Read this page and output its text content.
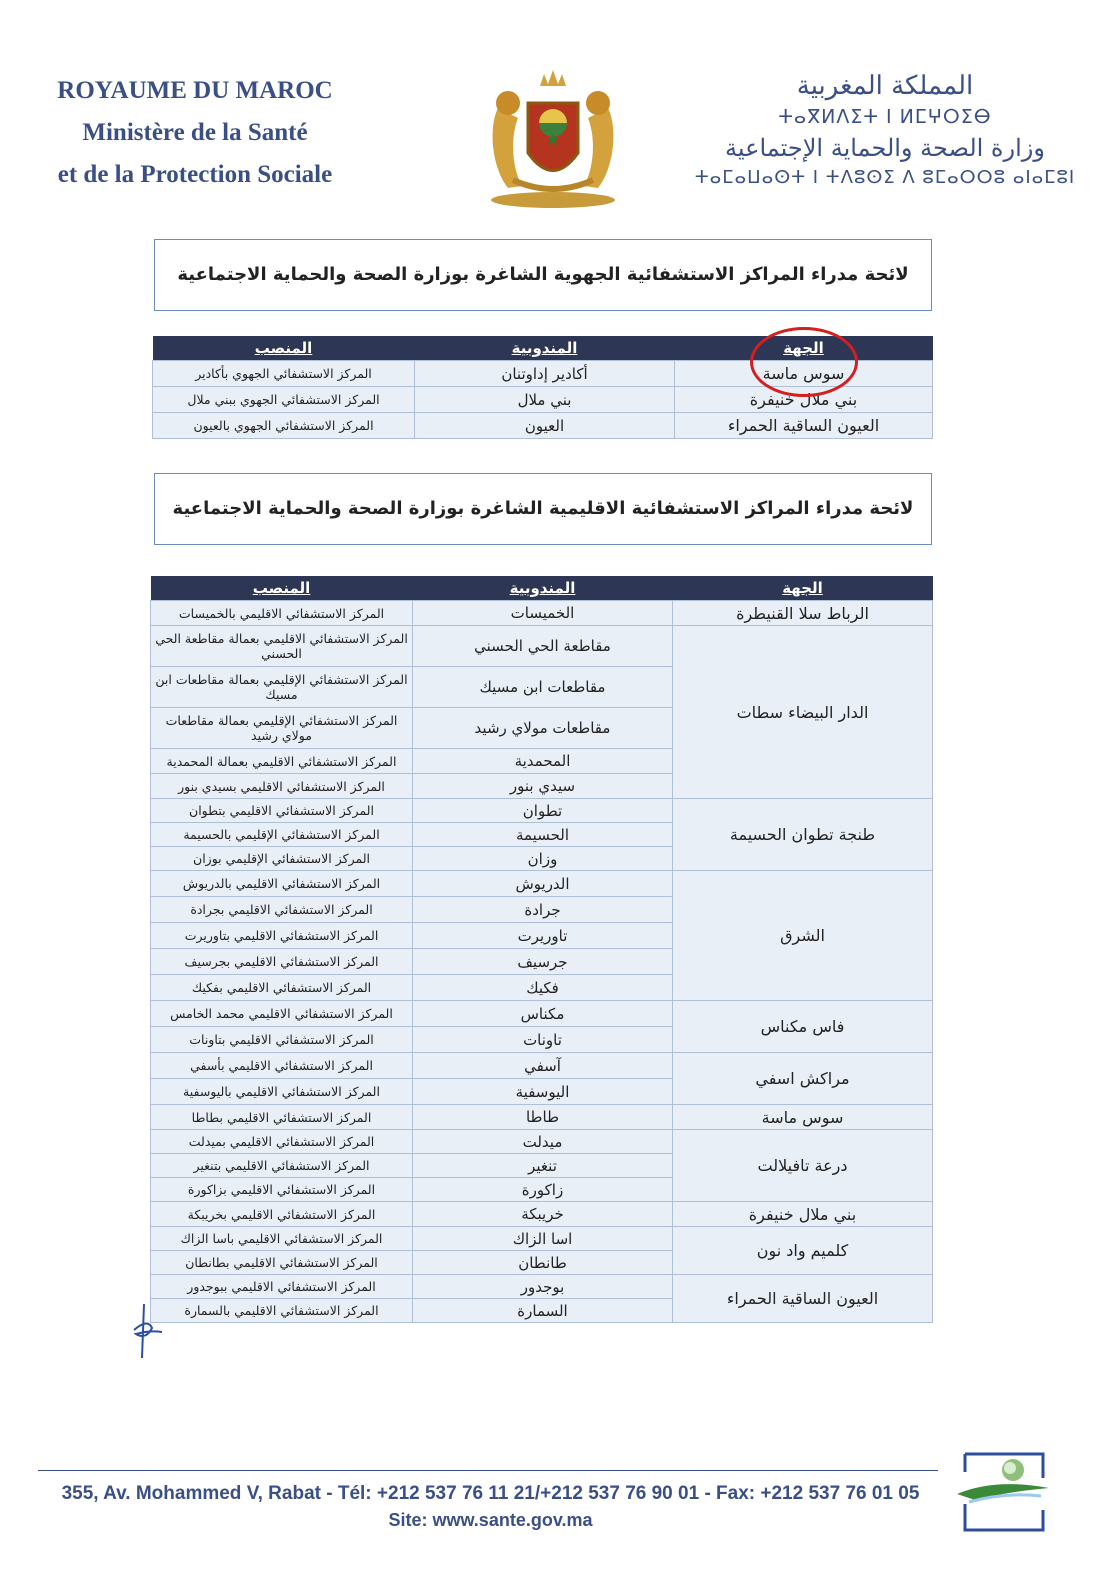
ROYAUME DU MAROC
Ministère de la Santé
et de la Protection Sociale
المملكة المغربية
ⵜⴰⴳⵍⴷⵉⵜ ⵏ ⵍⵎⵖⵔⵉⴱ
وزارة الصحة والحماية الإجتماعية
ⵜⴰⵎⴰⵡⴰⵙⵜ ⵏ ⵜⴷⵓⵙⵉ ⴷ ⵓⵎⴰⵔⵔⵓ ⴰⵏⴰⵎⵓⵏ
لائحة مدراء المراكز الاستشفائية الجهوية الشاغرة بوزارة الصحة والحماية الاجتماعية
الجهة	المندوبية	المنصب
سوس ماسة	أكادير إداوتنان	المركز الاستشفائي الجهوي بأكادير
بني ملال خنيفرة	بني ملال	المركز الاستشفائي الجهوي ببني ملال
العيون الساقية الحمراء	العيون	المركز الاستشفائي الجهوي بالعيون
لائحة مدراء المراكز الاستشفائية الاقليمية الشاغرة بوزارة الصحة والحماية الاجتماعية
الجهة	المندوبية	المنصب
الرباط سلا القنيطرة	الخميسات	المركز الاستشفائي الاقليمي بالخميسات
الدار البيضاء سطات	مقاطعة الحي الحسني	المركز الاستشفائي الاقليمي بعمالة مقاطعة الحي الحسني
	مقاطعات ابن مسيك	المركز الاستشفائي الإقليمي بعمالة مقاطعات ابن مسيك
	مقاطعات مولاي رشيد	المركز الاستشفائي الإقليمي بعمالة مقاطعات مولاي رشيد
	المحمدية	المركز الاستشفائي الاقليمي بعمالة المحمدية
	سيدي بنور	المركز الاستشفائي الاقليمي بسيدي بنور
طنجة تطوان الحسيمة	تطوان	المركز الاستشفائي الاقليمي بتطوان
	الحسيمة	المركز الاستشفائي الإقليمي بالحسيمة
	وزان	المركز الاستشفائي الإقليمي بوزان
الشرق	الدريوش	المركز الاستشفائي الاقليمي بالدريوش
	جرادة	المركز الاستشفائي الاقليمي بجرادة
	تاوريرت	المركز الاستشفائي الاقليمي بتاوريرت
	جرسيف	المركز الاستشفائي الاقليمي بجرسيف
	فكيك	المركز الاستشفائي الاقليمي بفكيك
فاس مكناس	مكناس	المركز الاستشفائي الاقليمي محمد الخامس
	تاونات	المركز الاستشفائي الاقليمي بتاونات
مراكش اسفي	آسفي	المركز الاستشفائي الاقليمي بأسفي
	اليوسفية	المركز الاستشفائي الاقليمي باليوسفية
سوس ماسة	طاطا	المركز الاستشفائي الاقليمي بطاطا
درعة تافيلالت	ميدلت	المركز الاستشفائي الاقليمي بميدلت
	تنغير	المركز الاستشفائي الاقليمي بتنغير
	زاكورة	المركز الاستشفائي الاقليمي بزاكورة
بني ملال خنيفرة	خريبكة	المركز الاستشفائي الاقليمي بخريبكة
كلميم واد نون	اسا الزاك	المركز الاستشفائي الاقليمي باسا الزاك
	طانطان	المركز الاستشفائي الاقليمي بطانطان
العيون الساقية الحمراء	بوجدور	المركز الاستشفائي الاقليمي ببوجدور
	السمارة	المركز الاستشفائي الاقليمي بالسمارة
355, Av. Mohammed V, Rabat - Tél: +212 537 76 11 21/+212 537 76 90 01 - Fax: +212 537 76 01 05
Site: www.sante.gov.ma
